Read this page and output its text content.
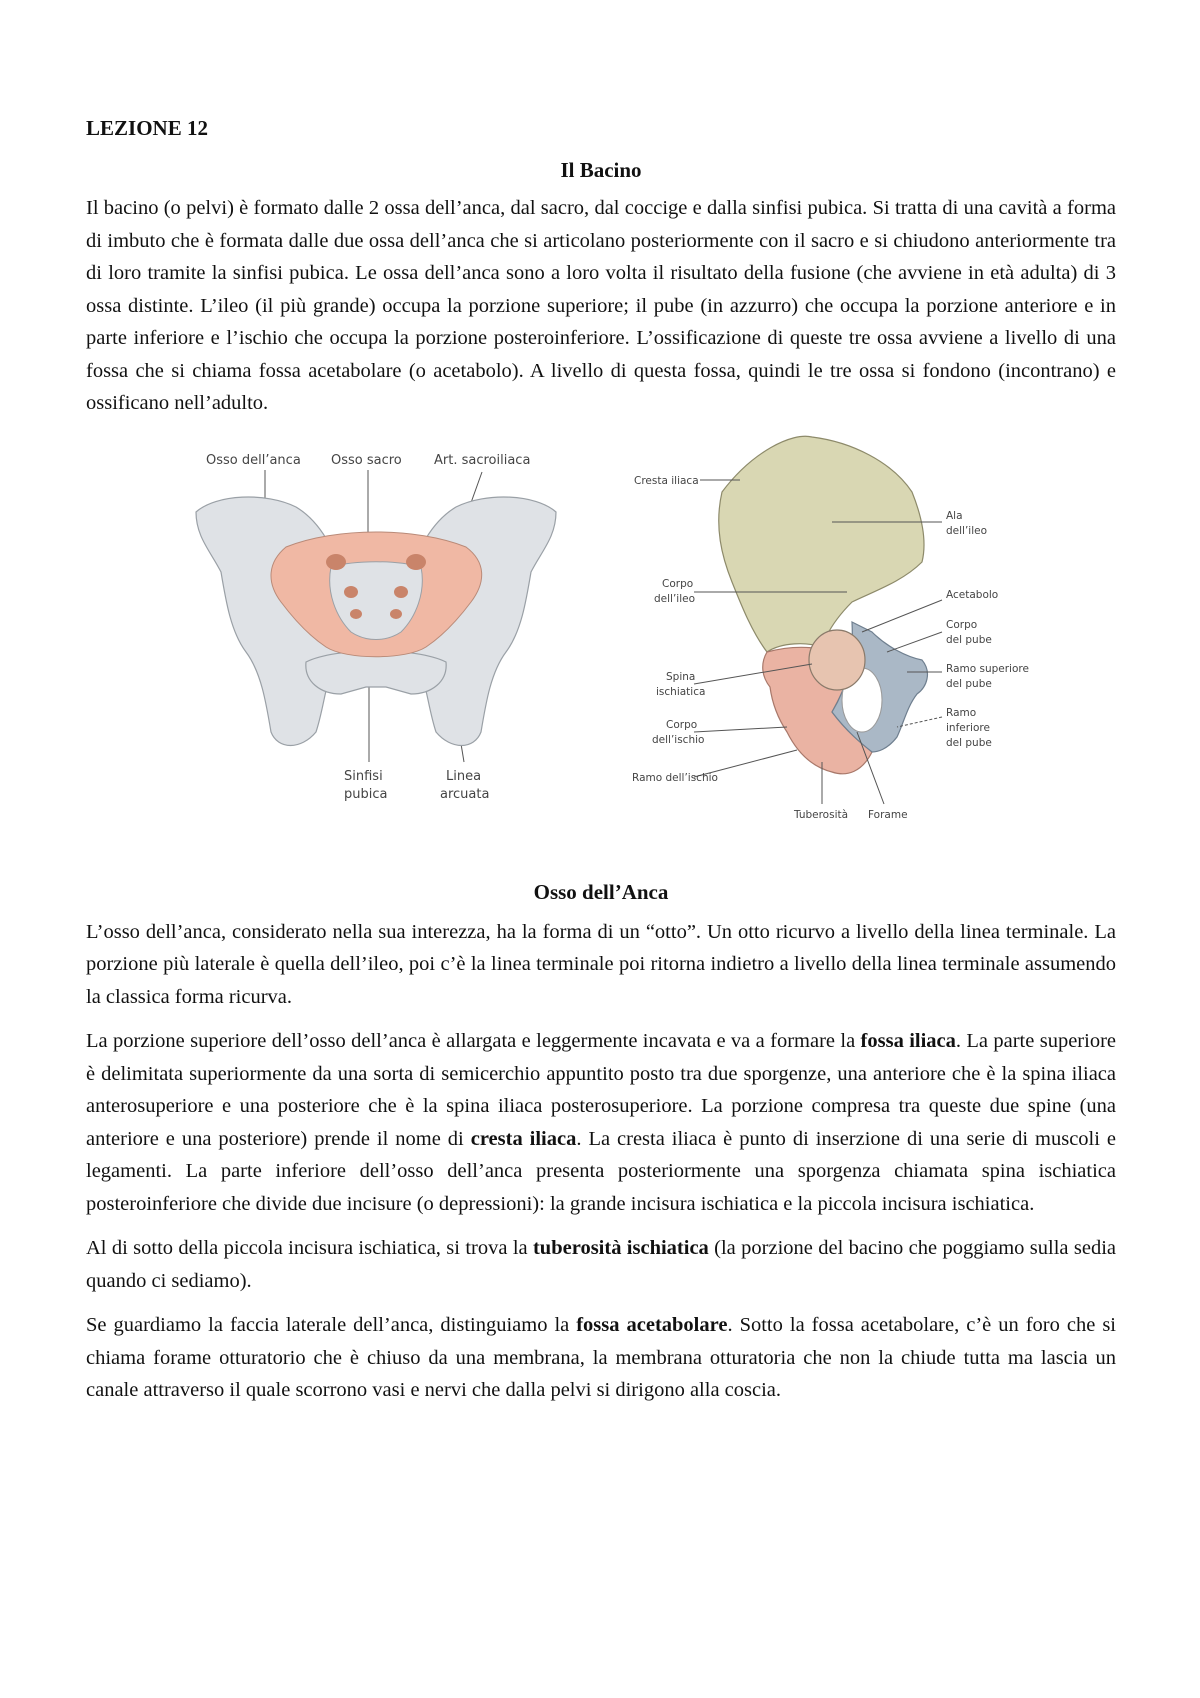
LEZIONE 12
Il Bacino

Il bacino (o pelvi) è formato dalle 2 ossa dell’anca, dal sacro, dal coccige e dalla sinfisi pubica. Si tratta di una cavità a forma di imbuto che è formata dalle due ossa dell’anca che si articolano posteriormente con il sacro e si chiudono anteriormente tra di loro tramite la sinfisi pubica. Le ossa dell’anca sono a loro volta il risultato della fusione (che avviene in età adulta) di 3 ossa distinte. L’ileo (il più grande) occupa la porzione superiore; il pube (in azzurro) che occupa la porzione anteriore e in parte inferiore e l’ischio che occupa la porzione posteroinferiore. L’ossificazione di queste tre ossa avviene a livello di una fossa che si chiama fossa acetabolare (o acetabolo). A livello di questa fossa, quindi le tre ossa si fondono (incontrano) e ossificano nell’adulto.

Osso dell’anca Osso sacro Art. sacroiliaca
Sinfisi
pubica
Linea
arcuata
Cresta iliaca
Ala
dell’ileo
Corpo
dell’ileo	Acetabolo
Corpo
del pube
Ramo superiore
del pube
Spina
ischiatica
Corpo
dell’ischio
Ramo
inferiore
del pube
Ramo dell’ischio
Tuberosità Forame
Osso dell’Anca

L’osso dell’anca, considerato nella sua interezza, ha la forma di un “otto”. Un otto ricurvo a livello della linea terminale. La porzione più laterale è quella dell’ileo, poi c’è la linea terminale poi ritorna indietro a livello della linea terminale assumendo la classica forma ricurva.

La porzione superiore dell’osso dell’anca è allargata e leggermente incavata e va a formare la fossa iliaca. La parte superiore è delimitata superiormente da una sorta di semicerchio appuntito posto tra due sporgenze, una anteriore che è la spina iliaca anterosuperiore e una posteriore che è la spina iliaca posterosuperiore. La porzione compresa tra queste due spine (una anteriore e una posteriore) prende il nome di cresta iliaca. La cresta iliaca è punto di inserzione di una serie di muscoli e legamenti. La parte inferiore dell’osso dell’anca presenta posteriormente una sporgenza chiamata spina ischiatica posteroinferiore che divide due incisure (o depressioni): la grande incisura ischiatica e la piccola incisura ischiatica.

Al di sotto della piccola incisura ischiatica, si trova la tuberosità ischiatica (la porzione del bacino che poggiamo sulla sedia quando ci sediamo).

Se guardiamo la faccia laterale dell’anca, distinguiamo la fossa acetabolare. Sotto la fossa acetabolare, c’è un foro che si chiama forame otturatorio che è chiuso da una membrana, la membrana otturatoria che non la chiude tutta ma lascia un canale attraverso il quale scorrono vasi e nervi che dalla pelvi si dirigono alla coscia.
